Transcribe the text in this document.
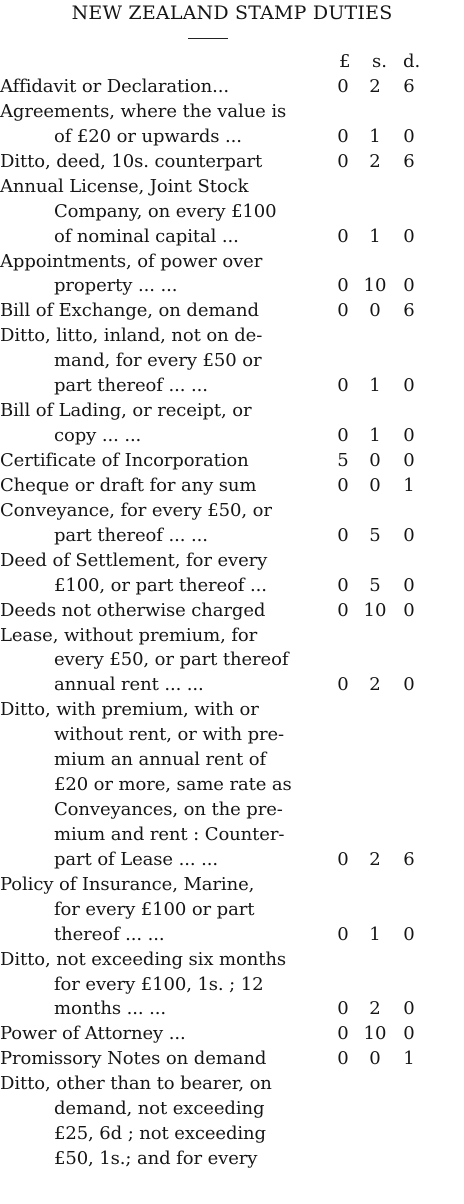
NEW ZEALAND STAMP DUTIES
£ s. d.
Affidavit or Declaration...	0	2	6
Agreements, where the value is
of £20 or upwards ...	0	1	0
Ditto, deed, 10s. counterpart	0	2	6
Annual License, Joint Stock
Company, on every £100
of nominal capital ...	0	1	0
Appointments, of power over
property ... ...	0 10 0
Bill of Exchange, on demand	0	0	6
Ditto, litto, inland, not on de-
mand, for every £50 or
part thereof ... ...	0	1	0
Bill of Lading, or receipt, or
copy ... ...	0	1	0
Certificate of Incorporation	5	0	0
Cheque or draft for any sum	0	0	1
Conveyance, for every £50, or
part thereof ... ...	0	5	0
Deed of Settlement, for every
£100, or part thereof ...	0	5	0
Deeds not otherwise charged	0 10 0
Lease, without premium, for
every £50, or part thereof
annual rent ... ...	0	2	0
Ditto, with premium, with or
without rent, or with pre-
mium an annual rent of
£20 or more, same rate as
Conveyances, on the pre-
mium and rent : Counter-
part of Lease ... ...	0	2	6
Policy of Insurance, Marine,
for every £100 or part
thereof ... ...	0	1	0
Ditto, not exceeding six months
for every £100, 1s. ; 12
months ... ...	0	2	0
Power of Attorney ...	0 10 0
Promissory Notes on demand	0	0	1
Ditto, other than to bearer, on
demand, not exceeding
£25, 6d ; not exceeding
£50, 1s.; and for every
